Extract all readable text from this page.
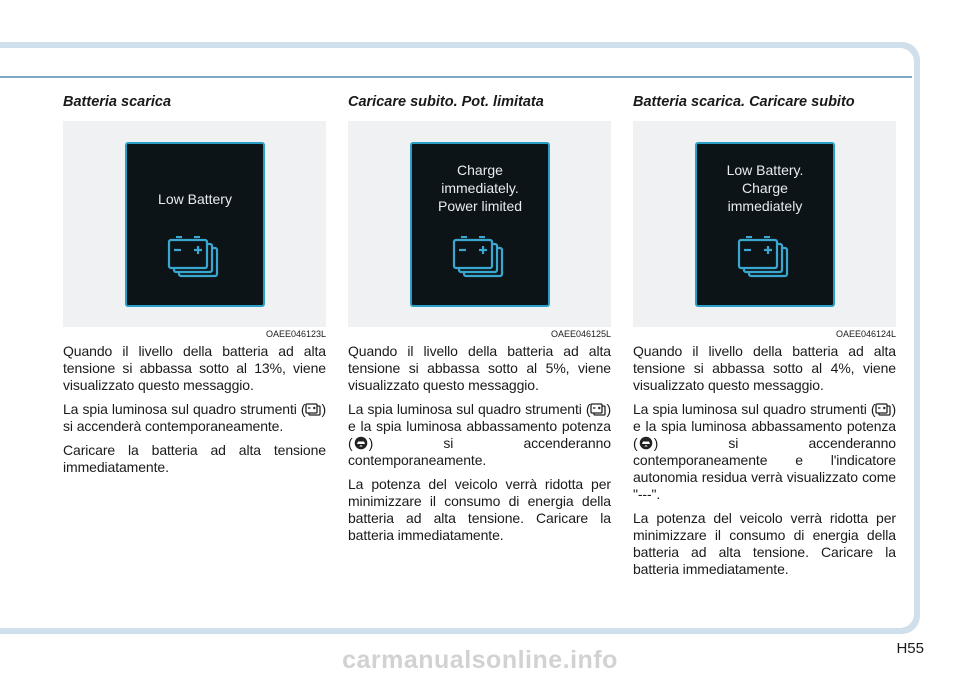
Batteria scarica
Low Battery
OAEE046123L

Quando il livello della batteria ad alta tensione si abbassa sotto al 13%, viene visualizzato questo messaggio.

La spia luminosa sul quadro strumenti ( ) si accenderà contemporaneamente.

Caricare la batteria ad alta tensione immediatamente.

Caricare subito. Pot. limitata
Charge
immediately.
Power limited
OAEE046125L

Quando il livello della batteria ad alta tensione si abbassa sotto al 5%, viene visualizzato questo messaggio.

La spia luminosa sul quadro strumenti ( ) e la spia luminosa abbassamento potenza ( ) si accenderanno contemporaneamente.

La potenza del veicolo verrà ridotta per minimizzare il consumo di energia della batteria ad alta tensione. Caricare la batteria immediatamente.

Batteria scarica. Caricare subito
Low Battery.
Charge
immediately
OAEE046124L

Quando il livello della batteria ad alta tensione si abbassa sotto al 4%, viene visualizzato questo messaggio.

La spia luminosa sul quadro strumenti ( ) e la spia luminosa abbassamento potenza ( ) si accenderanno contemporaneamente e l'indicatore autonomia residua verrà visualizzato come "---".

La potenza del veicolo verrà ridotta per minimizzare il consumo di energia della batteria ad alta tensione. Caricare la batteria immediatamente.

H55
carmanualsonline.info
